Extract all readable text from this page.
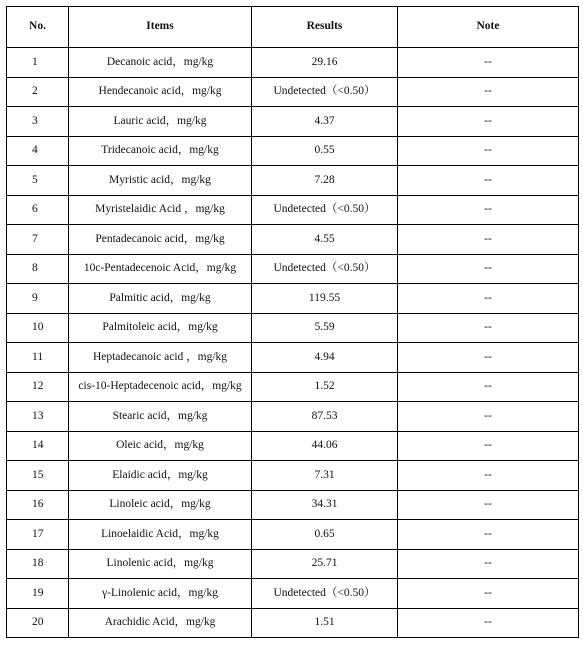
No.	Items	Results	Note
1	Decanoic acid，mg/kg	29.16	--
2	Hendecanoic acid，mg/kg	Undetected（<0.50）	--
3	Lauric acid，mg/kg	4.37	--
4	Tridecanoic acid，mg/kg	0.55	--
5	Myristic acid，mg/kg	7.28	--
6	Myristelaidic Acid ，mg/kg	Undetected（<0.50）	--
7	Pentadecanoic acid，mg/kg	4.55	--
8	10c-Pentadecenoic Acid，mg/kg	Undetected（<0.50）	--
9	Palmitic acid，mg/kg	119.55	--
10	Palmitoleic acid，mg/kg	5.59	--
11	Heptadecanoic acid ，mg/kg	4.94	--
12	cis-10-Heptadecenoic acid，mg/kg	1.52	--
13	Stearic acid，mg/kg	87.53	--
14	Oleic acid，mg/kg	44.06	--
15	Elaidic acid，mg/kg	7.31	--
16	Linoleic acid，mg/kg	34.31	--
17	Linoelaidic Acid，mg/kg	0.65	--
18	Linolenic acid，mg/kg	25.71	--
19	γ-Linolenic acid，mg/kg	Undetected（<0.50）	--
20	Arachidic Acid，mg/kg	1.51	--
